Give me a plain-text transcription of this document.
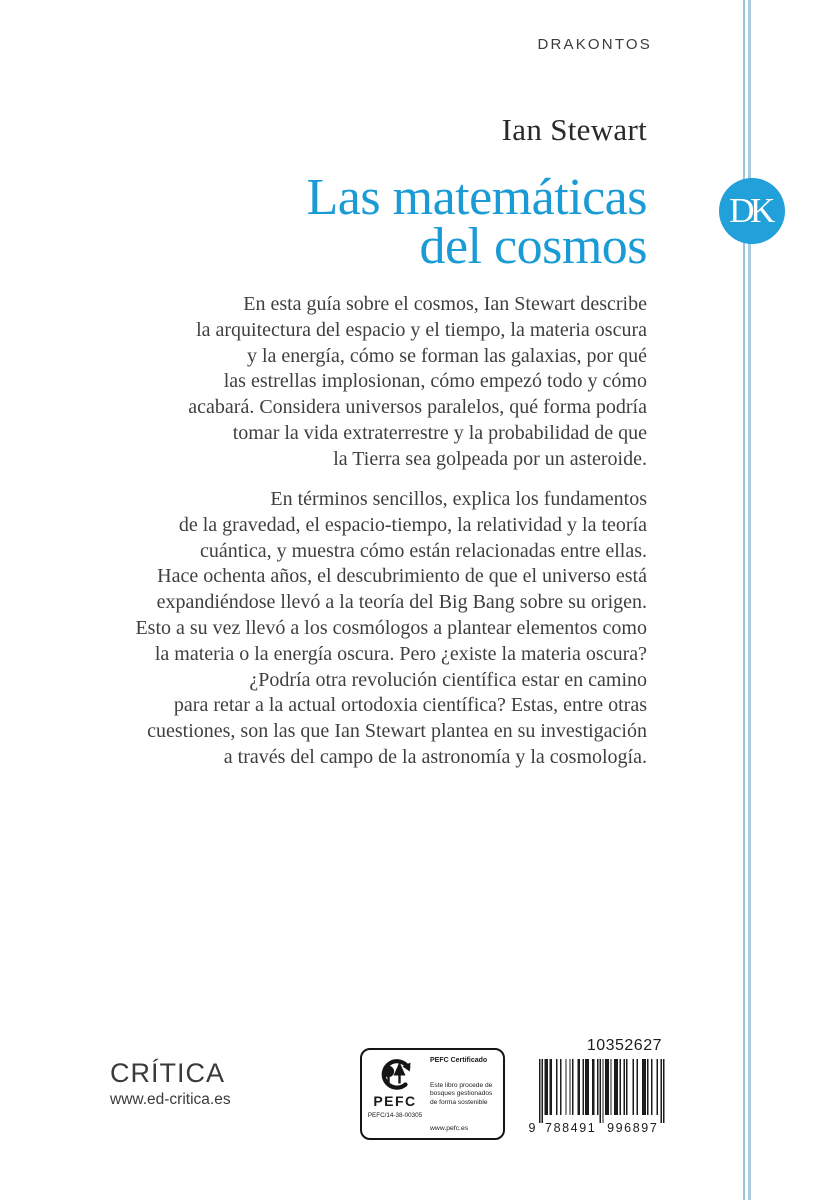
DRAKONTOS
Ian Stewart
Las matemáticas
del cosmos
DK
En esta guía sobre el cosmos, Ian Stewart describe
la arquitectura del espacio y el tiempo, la materia oscura
y la energía, cómo se forman las galaxias, por qué
las estrellas implosionan, cómo empezó todo y cómo
acabará. Considera universos paralelos, qué forma podría
tomar la vida extraterrestre y la probabilidad de que
la Tierra sea golpeada por un asteroide.
En términos sencillos, explica los fundamentos
de la gravedad, el espacio-tiempo, la relatividad y la teoría
cuántica, y muestra cómo están relacionadas entre ellas.
Hace ochenta años, el descubrimiento de que el universo está
expandiéndose llevó a la teoría del Big Bang sobre su origen.
Esto a su vez llevó a los cosmólogos a plantear elementos como
la materia o la energía oscura. Pero ¿existe la materia oscura?
¿Podría otra revolución científica estar en camino
para retar a la actual ortodoxia científica? Estas, entre otras
cuestiones, son las que Ian Stewart plantea en su investigación
a través del campo de la astronomía y la cosmología.
CRÍTICA
www.ed-critica.es	PEFC
PEFC/14-38-00305
PEFC Certificado
Este libro procede de
bosques gestionados
de forma sostenible
www.pefc.es
10352627
9 788491 996897
